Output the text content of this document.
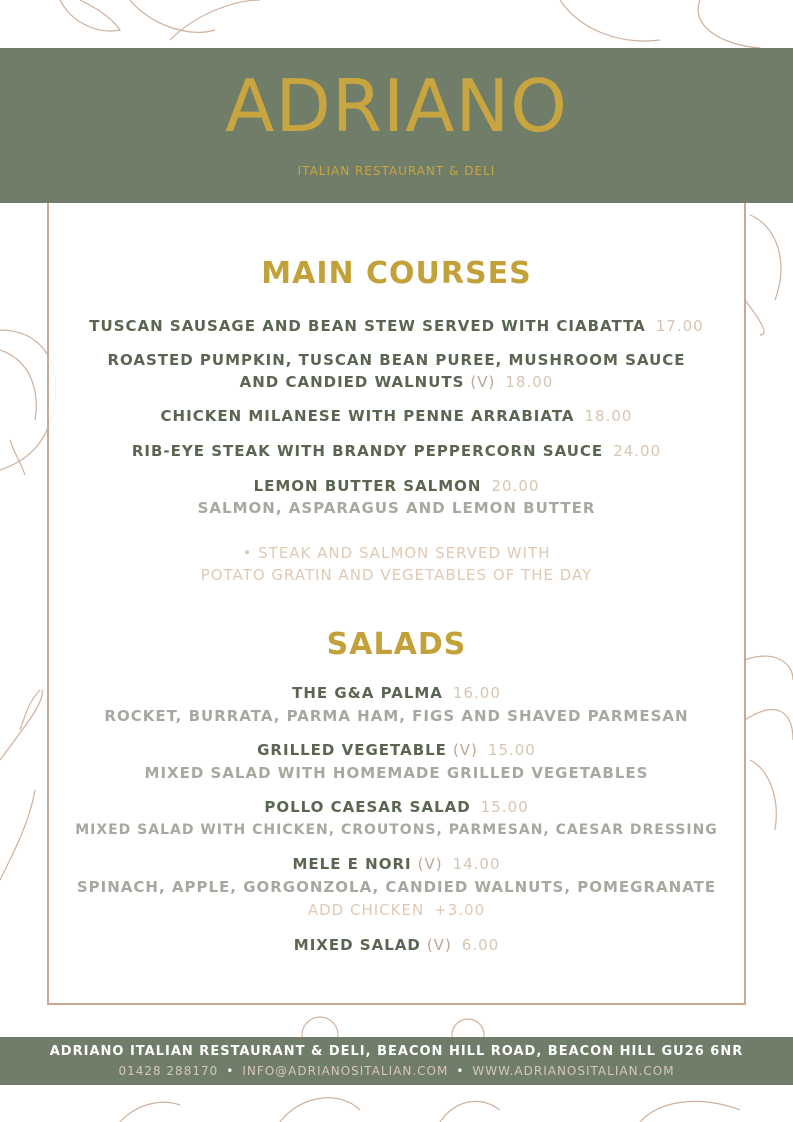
ADRIANO
ITALIAN RESTAURANT & DELI
MAIN COURSES
TUSCAN SAUSAGE AND BEAN STEW SERVED WITH CIABATTA 17.00
ROASTED PUMPKIN, TUSCAN BEAN PUREE, MUSHROOM SAUCE
AND CANDIED WALNUTS (V) 18.00
CHICKEN MILANESE WITH PENNE ARRABIATA 18.00
RIB-EYE STEAK WITH BRANDY PEPPERCORN SAUCE 24.00
LEMON BUTTER SALMON 20.00
SALMON, ASPARAGUS AND LEMON BUTTER
• STEAK AND SALMON SERVED WITH
POTATO GRATIN AND VEGETABLES OF THE DAY
SALADS
THE G&A PALMA 16.00
ROCKET, BURRATA, PARMA HAM, FIGS AND SHAVED PARMESAN
GRILLED VEGETABLE (V) 15.00
MIXED SALAD WITH HOMEMADE GRILLED VEGETABLES
POLLO CAESAR SALAD 15.00
MIXED SALAD WITH CHICKEN, CROUTONS, PARMESAN, CAESAR DRESSING
MELE E NORI (V) 14.00
SPINACH, APPLE, GORGONZOLA, CANDIED WALNUTS, POMEGRANATE
ADD CHICKEN +3.00
MIXED SALAD (V) 6.00
ADRIANO ITALIAN RESTAURANT & DELI, BEACON HILL ROAD, BEACON HILL GU26 6NR
01428 288170 • INFO@ADRIANOSITALIAN.COM • WWW.ADRIANOSITALIAN.COM
